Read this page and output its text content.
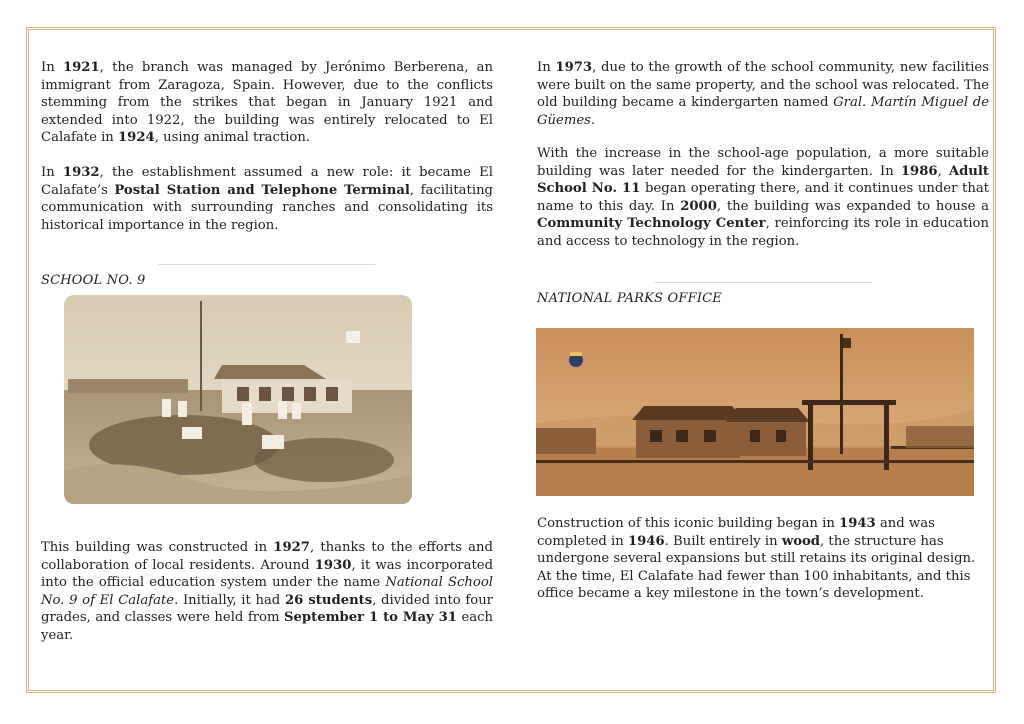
In 1921, the branch was managed by Jerónimo Berberena, an immigrant from Zaragoza, Spain. However, due to the conflicts stemming from the strikes that began in January 1921 and extended into 1922, the building was entirely relocated to El Calafate in 1924, using animal traction.

In 1932, the establishment assumed a new role: it became El Calafate’s Postal Station and Telephone Terminal, facilitating communication with surrounding ranches and consolidating its historical importance in the region.

SCHOOL NO. 9

This building was constructed in 1927, thanks to the efforts and collaboration of local residents. Around 1930, it was incorporated into the official education system under the name National School No. 9 of El Calafate. Initially, it had 26 students, divided into four grades, and classes were held from September 1 to May 31 each year.

In 1973, due to the growth of the school community, new facilities were built on the same property, and the school was relocated. The old building became a kindergarten named Gral. Martín Miguel de Güemes.

With the increase in the school-age population, a more suitable building was later needed for the kindergarten. In 1986, Adult School No. 11 began operating there, and it continues under that name to this day. In 2000, the building was expanded to house a Community Technology Center, reinforcing its role in education and access to technology in the region.

NATIONAL PARKS OFFICE

Construction of this iconic building began in 1943 and was completed in 1946. Built entirely in wood, the structure has undergone several expansions but still retains its original design. At the time, El Calafate had fewer than 100 inhabitants, and this office became a key milestone in the town’s development.
